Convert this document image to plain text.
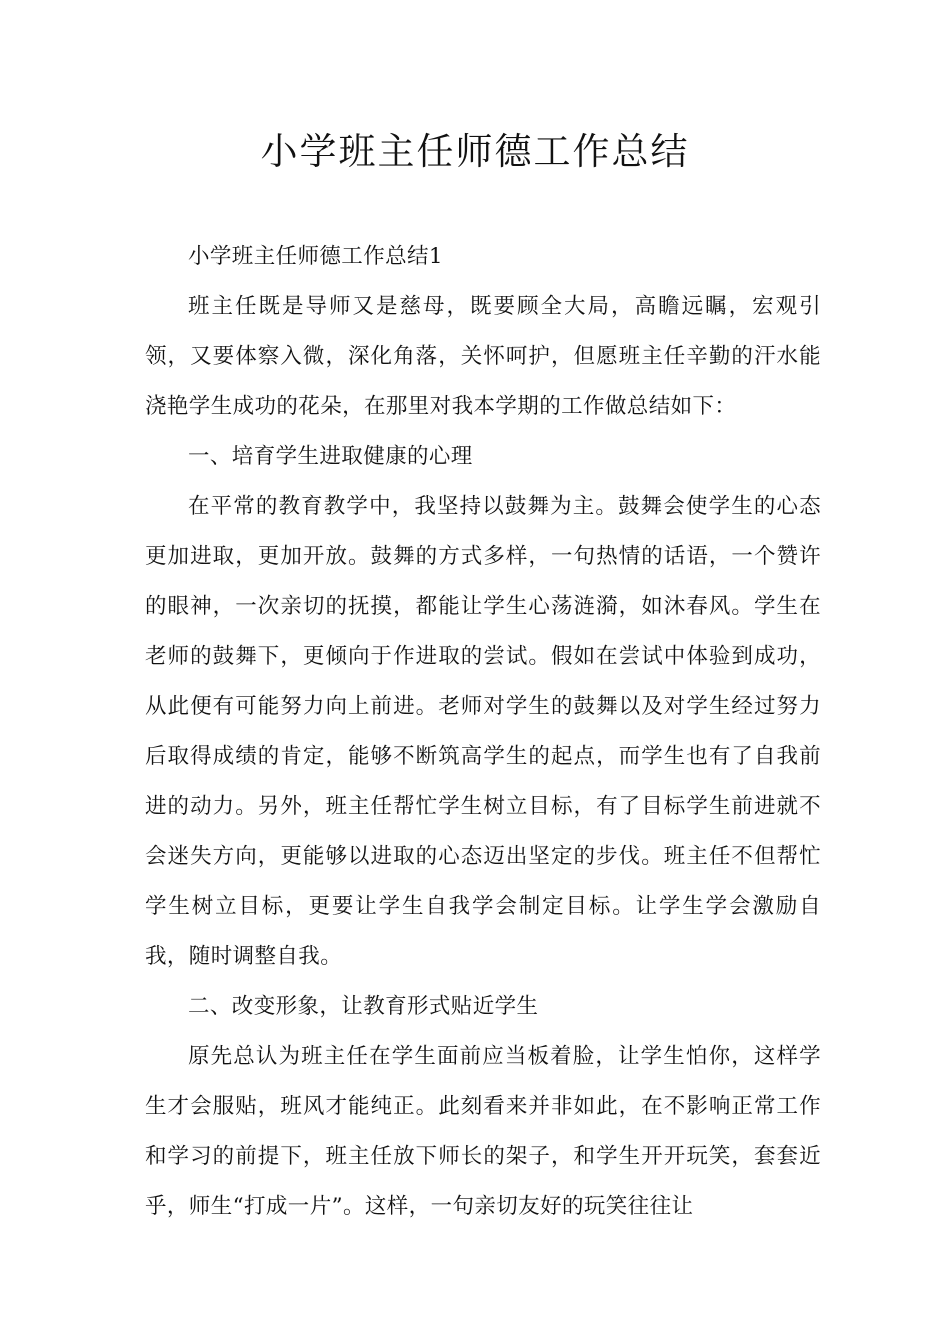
小学班主任师德工作总结

小学班主任师德工作总结1

班主任既是导师又是慈母，既要顾全大局，高瞻远瞩，宏观引领，又要体察入微，深化角落，关怀呵护，但愿班主任辛勤的汗水能浇艳学生成功的花朵，在那里对我本学期的工作做总结如下：

一、培育学生进取健康的心理

在平常的教育教学中，我坚持以鼓舞为主。鼓舞会使学生的心态更加进取，更加开放。鼓舞的方式多样，一句热情的话语，一个赞许的眼神，一次亲切的抚摸，都能让学生心荡涟漪，如沐春风。学生在老师的鼓舞下，更倾向于作进取的尝试。假如在尝试中体验到成功，从此便有可能努力向上前进。老师对学生的鼓舞以及对学生经过努力后取得成绩的肯定，能够不断筑高学生的起点，而学生也有了自我前进的动力。另外，班主任帮忙学生树立目标，有了目标学生前进就不会迷失方向，更能够以进取的心态迈出坚定的步伐。班主任不但帮忙学生树立目标，更要让学生自我学会制定目标。让学生学会激励自我，随时调整自我。

二、改变形象，让教育形式贴近学生

原先总认为班主任在学生面前应当板着脸，让学生怕你，这样学生才会服贴，班风才能纯正。此刻看来并非如此，在不影响正常工作和学习的前提下，班主任放下师长的架子，和学生开开玩笑，套套近乎，师生“打成一片”。这样，一句亲切友好的玩笑往往让
